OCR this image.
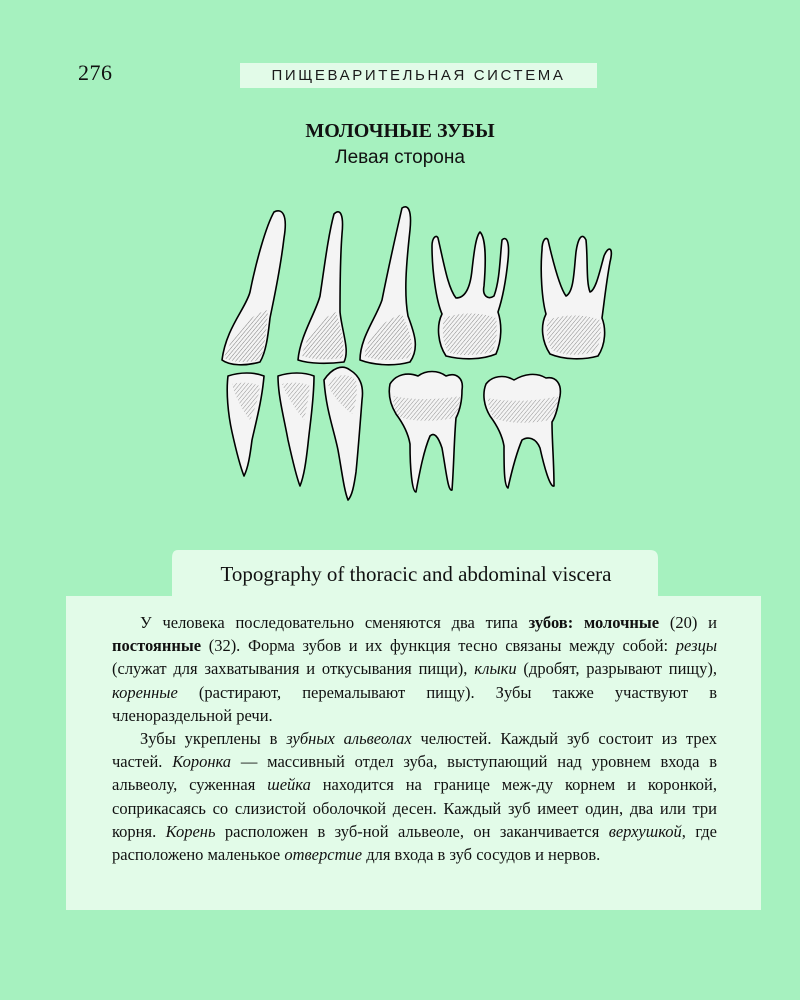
276	ПИЩЕВАРИТЕЛЬНАЯ СИСТЕМА
МОЛОЧНЫЕ ЗУБЫ
Левая сторона
Topography of thoracic and abdominal viscera

У человека последовательно сменяются два типа зубов: молочные (20) и постоянные (32). Форма зубов и их функция тесно связаны между собой: резцы (служат для захватывания и откусывания пищи), клыки (дробят, разрывают пищу), коренные (растирают, перемалывают пищу). Зубы также участвуют в членораздельной речи.

Зубы укреплены в зубных альвеолах челюстей. Каждый зуб состоит из трех частей. Коронка — массивный отдел зуба, выступающий над уровнем входа в альвеолу, суженная шейка находится на границе меж-ду корнем и коронкой, соприкасаясь со слизистой оболочкой десен. Каждый зуб имеет один, два или три корня. Корень расположен в зуб-ной альвеоле, он заканчивается верхушкой, где расположено маленькое отверстие для входа в зуб сосудов и нервов.
